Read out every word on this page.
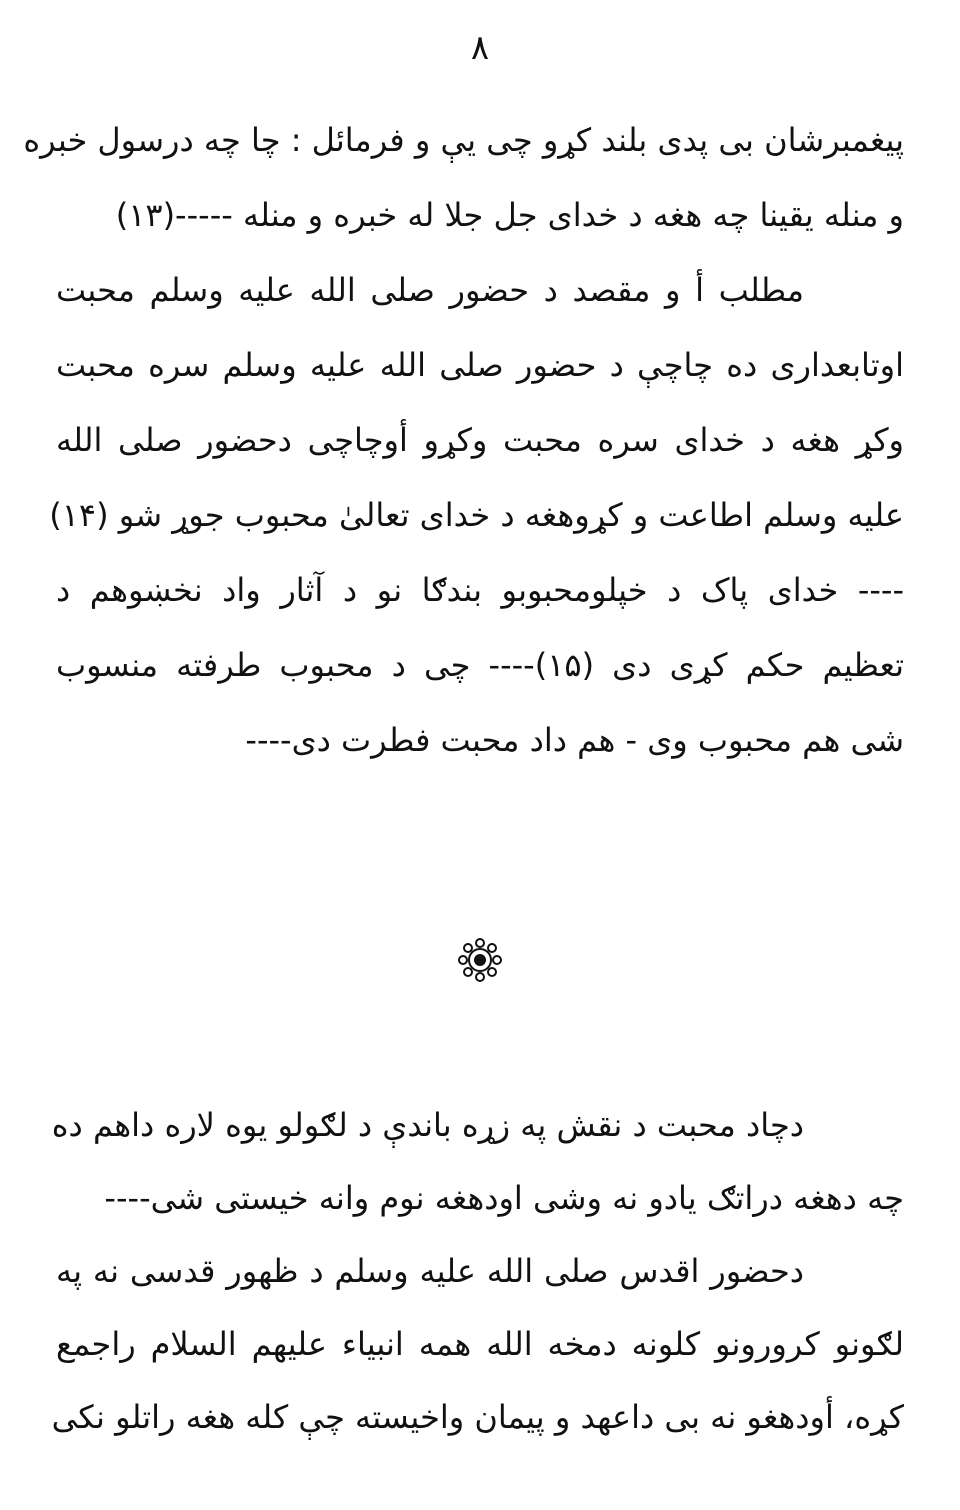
۸
پیغمبرشان بی پدی بلند کړو چی یې و فرمائل : چا چه درسول خبره
و منله یقینا چه هغه د خدای جل جلا له خبره و منله -----(۱۳)
مطلب أ و مقصد د حضور صلی الله علیه وسلم محبت
اوتابعداری ده چاچې د حضور صلی الله علیه وسلم سره محبت
وکړ هغه د خدای سره محبت وکړو أوچاچی دحضور صلی الله
علیه وسلم اطاعت و کړوهغه د خدای تعالیٰ محبوب جوړ شو (۱۴)
---- خدای پاک د خپلومحبوبو بندګا نو د آثار واد نخښوهم د
تعظیم حکم کړی دی (۱۵)---- چی د محبوب طرفته منسوب
شی هم محبوب وی - هم داد محبت فطرت دی----
دچاد محبت د نقش په زړه باندې د لګولو یوه لاره داهم ده
چه دهغه دراتګ یادو نه وشی اودهغه نوم وانه خیستی شی----
دحضور اقدس صلی الله علیه وسلم د ظهور قدسی نه په
لګونو کرورونو کلونه دمخه الله همه انبیاء علیهم السلام راجمع
کړه، أودهغو نه بی داعهد و پیمان واخیسته چې کله هغه راتلو نکی
